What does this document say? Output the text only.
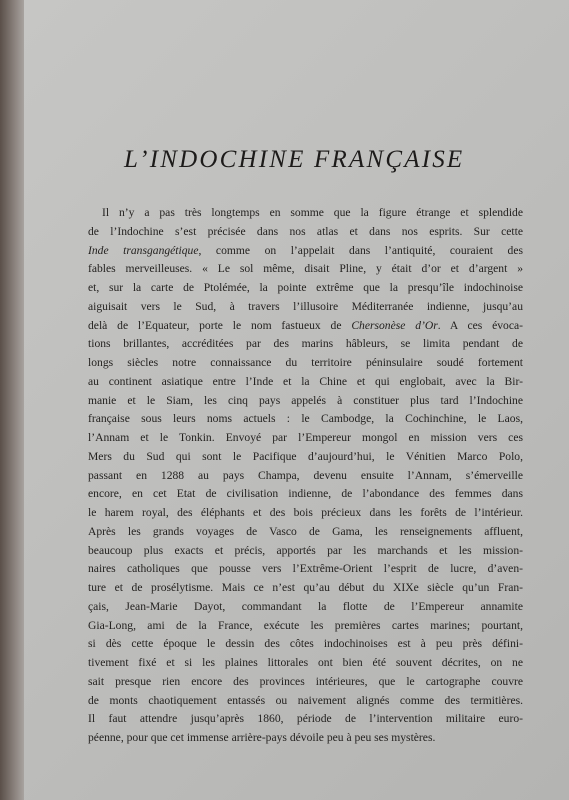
L’INDOCHINE FRANÇAISE
Il n’y a pas très longtemps en somme que la figure étrange et splendide
de l’Indochine s’est précisée dans nos atlas et dans nos esprits. Sur cette
Inde transgangétique, comme on l’appelait dans l’antiquité, couraient des
fables merveilleuses. « Le sol même, disait Pline, y était d’or et d’argent »
et, sur la carte de Ptolémée, la pointe extrême que la presqu’île indochinoise
aiguisait vers le Sud, à travers l’illusoire Méditerranée indienne, jusqu’au
delà de l’Equateur, porte le nom fastueux de Chersonèse d’Or. A ces évoca-
tions brillantes, accréditées par des marins hâbleurs, se limita pendant de
longs siècles notre connaissance du territoire péninsulaire soudé fortement
au continent asiatique entre l’Inde et la Chine et qui englobait, avec la Bir-
manie et le Siam, les cinq pays appelés à constituer plus tard l’Indochine
française sous leurs noms actuels : le Cambodge, la Cochinchine, le Laos,
l’Annam et le Tonkin. Envoyé par l’Empereur mongol en mission vers ces
Mers du Sud qui sont le Pacifique d’aujourd’hui, le Vénitien Marco Polo,
passant en 1288 au pays Champa, devenu ensuite l’Annam, s’émerveille
encore, en cet Etat de civilisation indienne, de l’abondance des femmes dans
le harem royal, des éléphants et des bois précieux dans les forêts de l’intérieur.
Après les grands voyages de Vasco de Gama, les renseignements affluent,
beaucoup plus exacts et précis, apportés par les marchands et les mission-
naires catholiques que pousse vers l’Extrême-Orient l’esprit de lucre, d’aven-
ture et de prosélytisme. Mais ce n’est qu’au début du XIXe siècle qu’un Fran-
çais, Jean-Marie Dayot, commandant la flotte de l’Empereur annamite
Gia-Long, ami de la France, exécute les premières cartes marines; pourtant,
si dès cette époque le dessin des côtes indochinoises est à peu près défini-
tivement fixé et si les plaines littorales ont bien été souvent décrites, on ne
sait presque rien encore des provinces intérieures, que le cartographe couvre
de monts chaotiquement entassés ou naivement alignés comme des termitières.
Il faut attendre jusqu’après 1860, période de l’intervention militaire euro-
péenne, pour que cet immense arrière-pays dévoile peu à peu ses mystères.
